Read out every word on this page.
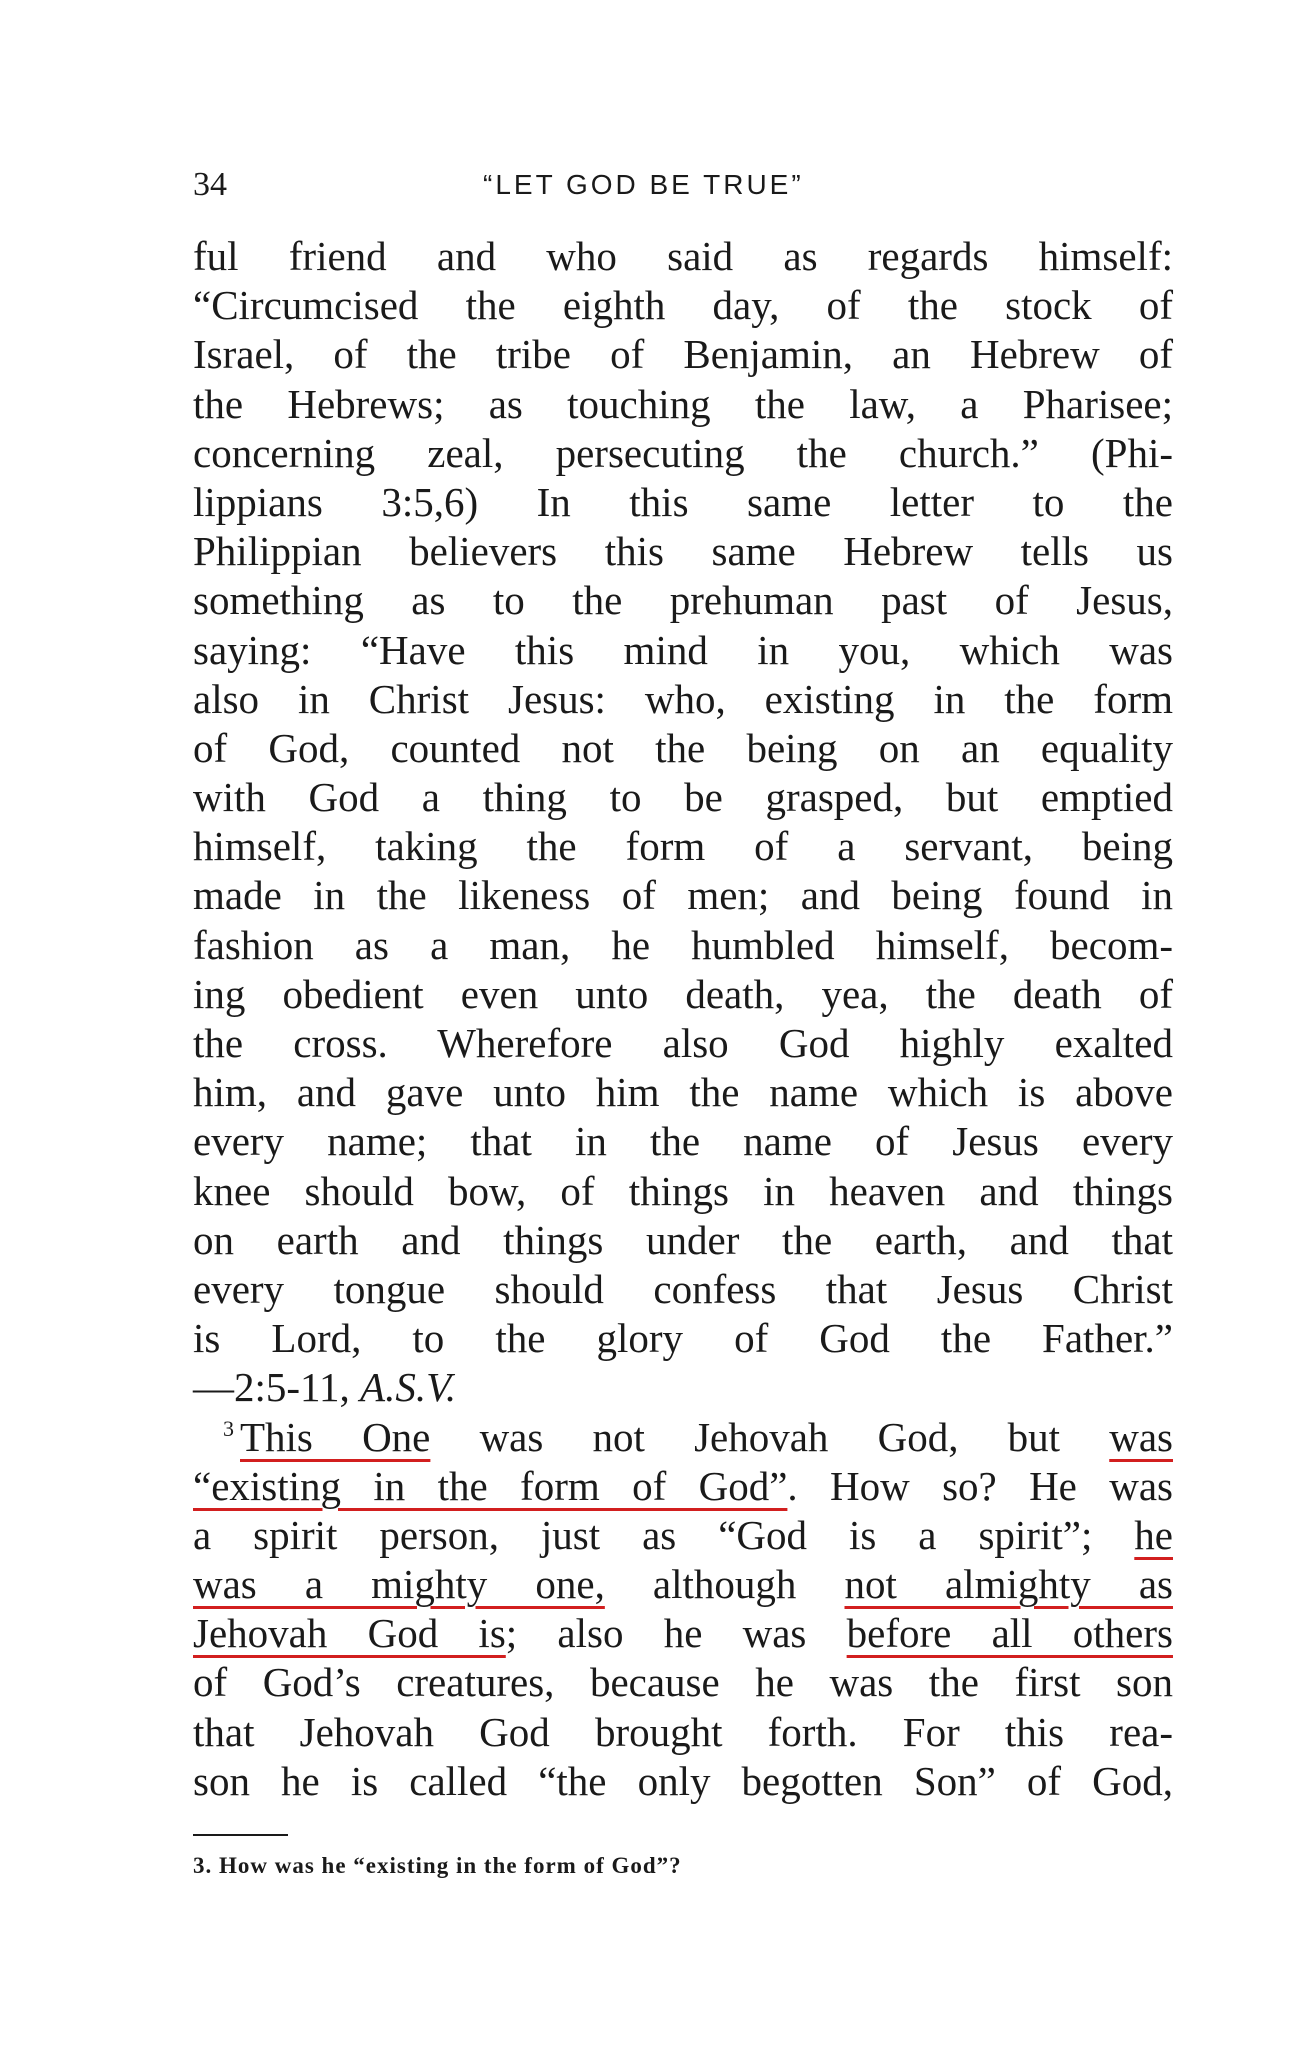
34	“LET GOD BE TRUE”
ful friend and who said as regards himself:
“Circumcised the eighth day, of the stock of
Israel, of the tribe of Benjamin, an Hebrew of
the Hebrews; as touching the law, a Pharisee;
concerning zeal, persecuting the church.” (Phi-
lippians 3:5,6) In this same letter to the
Philippian believers this same Hebrew tells us
something as to the prehuman past of Jesus,
saying: “Have this mind in you, which was
also in Christ Jesus: who, existing in the form
of God, counted not the being on an equality
with God a thing to be grasped, but emptied
himself, taking the form of a servant, being
made in the likeness of men; and being found in
fashion as a man, he humbled himself, becom-
ing obedient even unto death, yea, the death of
the cross. Wherefore also God highly exalted
him, and gave unto him the name which is above
every name; that in the name of Jesus every
knee should bow, of things in heaven and things
on earth and things under the earth, and that
every tongue should confess that Jesus Christ
is Lord, to the glory of God the Father.”
—2:5-11, A.S.V.
$^3$ This One was not Jehovah God, but was
“existing in the form of God”. How so? He was
a spirit person, just as “God is a spirit”; he
was a mighty one, although not almighty as
Jehovah God is; also he was before all others
of God’s creatures, because he was the first son
that Jehovah God brought forth. For this rea-
son he is called “the only begotten Son” of God,
3. How was he “existing in the form of God”?
